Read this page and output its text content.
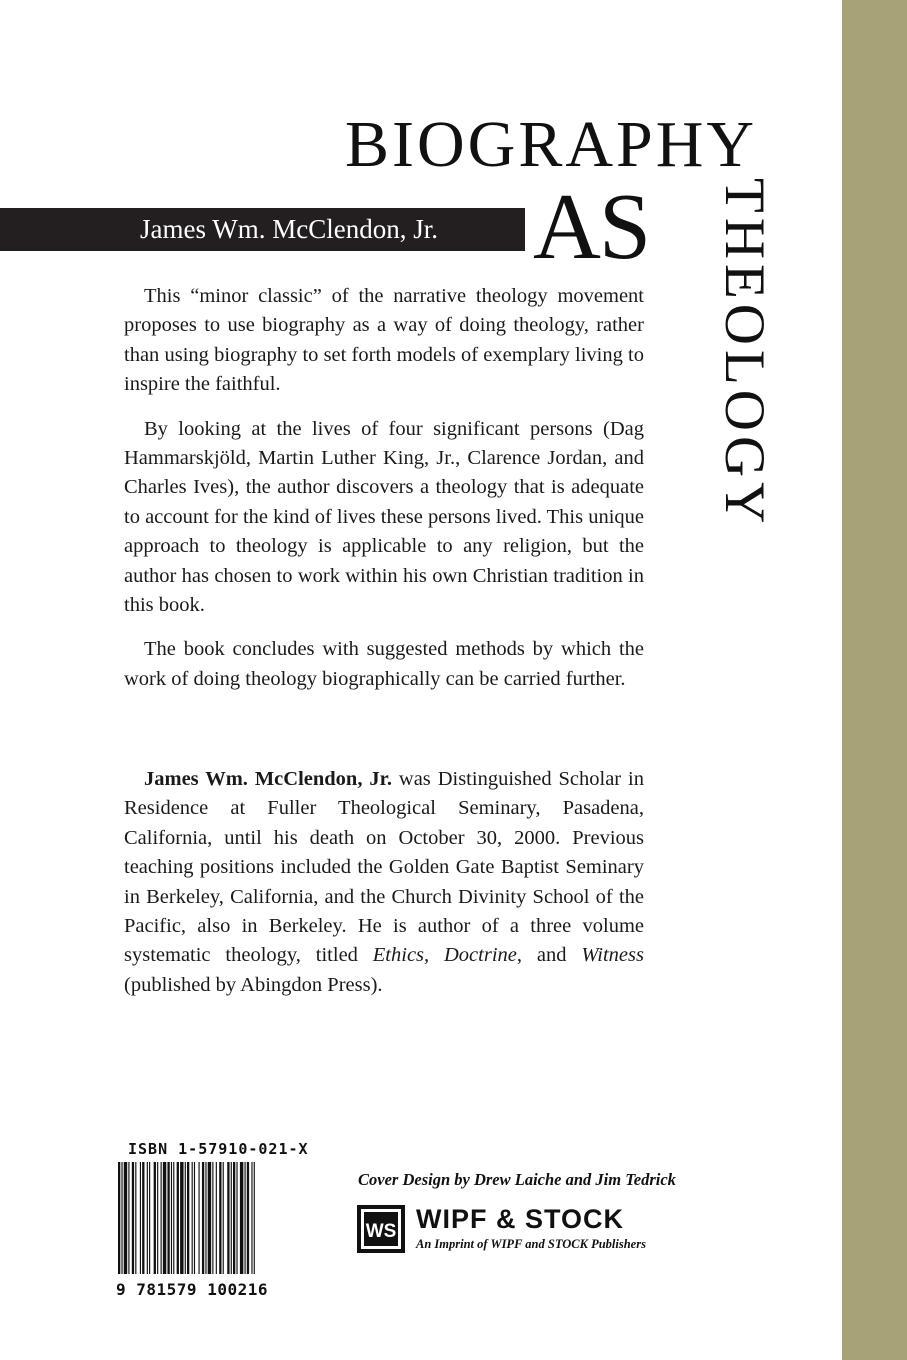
BIOGRAPHY
James Wm. McClendon, Jr. AS THEOLOGY

This “minor classic” of the narrative theology movement proposes to use biography as a way of doing theology, rather than using biography to set forth models of exemplary living to inspire the faithful.

By looking at the lives of four significant persons (Dag Hammarskjöld, Martin Luther King, Jr., Clarence Jordan, and Charles Ives), the author discovers a theology that is adequate to account for the kind of lives these persons lived. This unique approach to theology is applicable to any religion, but the author has chosen to work within his own Christian tradition in this book.

The book concludes with suggested methods by which the work of doing theology biographically can be carried further.

James Wm. McClendon, Jr. was Distinguished Scholar in Residence at Fuller Theological Seminary, Pasadena, California, until his death on October 30, 2000. Previous teaching positions included the Golden Gate Baptist Seminary in Berkeley, California, and the Church Divinity School of the Pacific, also in Berkeley. He is author of a three volume systematic theology, titled Ethics, Doctrine, and Witness (published by Abingdon Press).

ISBN 1-57910-021-X
9 781579 100216
Cover Design by Drew Laiche and Jim Tedrick
WS WIPF & STOCK
An Imprint of WIPF and STOCK Publishers
